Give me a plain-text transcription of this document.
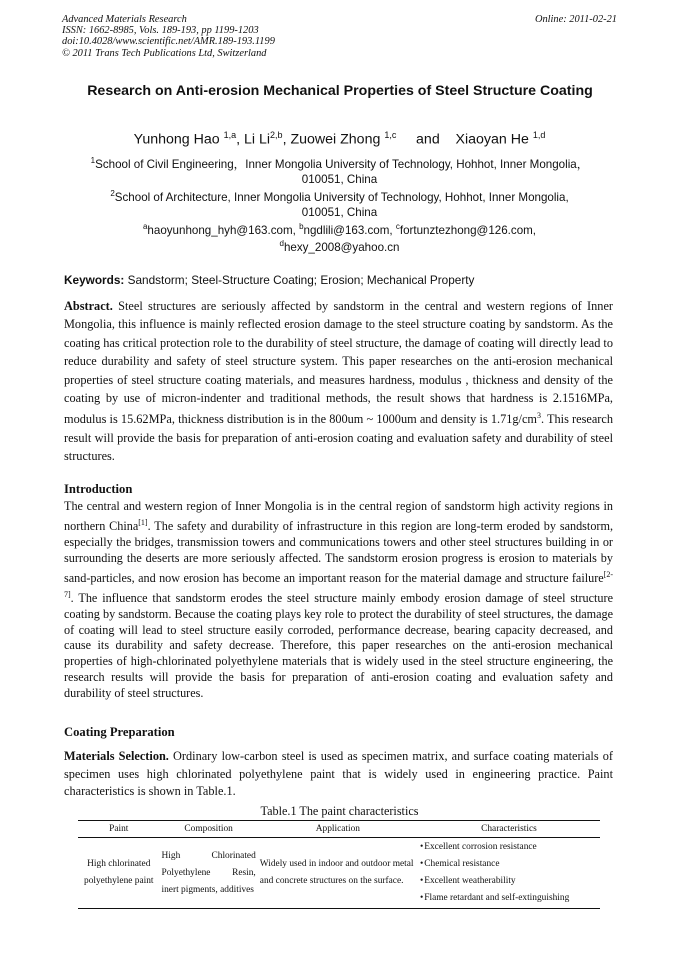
Advanced Materials Research	Online: 2011-02-21
ISSN: 1662-8985, Vols. 189-193, pp 1199-1203
doi:10.4028/www.scientific.net/AMR.189-193.1199
© 2011 Trans Tech Publications Ltd, Switzerland
Research on Anti-erosion Mechanical Properties of Steel Structure Coating
Yunhong Hao $^{1,a}$, Li Li$^{2,b}$, Zuowei Zhong $^{1,c}$ and Xiaoyan He $^{1,d}$
$^1$School of Civil Engineering，Inner Mongolia University of Technology, Hohhot, Inner Mongolia，
010051, China
$^2$School of Architecture, Inner Mongolia University of Technology, Hohhot, Inner Mongolia,
010051, China
$^a$haoyunhong_hyh@163.com, $^b$ngdlili@163.com, $^c$fortunztezhong@126.com,
$^d$hexy_2008@yahoo.cn
Keywords: Sandstorm; Steel-Structure Coating; Erosion; Mechanical Property
Abstract. Steel structures are seriously affected by sandstorm in the central and western regions of Inner Mongolia, this influence is mainly reflected erosion damage to the steel structure coating by sandstorm. As the coating has critical protection role to the durability of steel structure, the damage of coating will directly lead to reduce durability and safety of steel structure system. This paper researches on the anti-erosion mechanical properties of steel structure coating materials, and measures hardness, modulus , thickness and density of the coating by use of micron-indenter and traditional methods, the result shows that hardness is 2.1516MPa, modulus is 15.62MPa, thickness distribution is in the 800um ~ 1000um and density is $1.71g/cm^3$. This research result will provide the basis for preparation of anti-erosion coating and evaluation safety and durability of steel structures.
Introduction
The central and western region of Inner Mongolia is in the central region of sandstorm high activity regions in northern China[1]. The safety and durability of infrastructure in this region are long-term eroded by sandstorm, especially the bridges, transmission towers and communications towers and other steel structures building in or surrounding the deserts are more seriously affected. The sandstorm erosion progress is erosion to materials by sand-particles, and now erosion has become an important reason for the material damage and structure failure[2-7]. The influence that sandstorm erodes the steel structure mainly embody erosion damage of steel structure coating by sandstorm. Because the coating plays key role to protect the durability of steel structures, the damage of coating will lead to steel structure easily corroded, performance decrease, bearing capacity decreased, and cause its durability and safety decrease. Therefore, this paper researches on the anti-erosion mechanical properties of high-chlorinated polyethylene materials that is widely used in the steel structure engineering, the research results will provide the basis for preparation of anti-erosion coating and evaluation safety and durability of steel structures.
Coating Preparation
Materials Selection. Ordinary low-carbon steel is used as specimen matrix, and surface coating materials of specimen uses high chlorinated polyethylene paint that is widely used in engineering practice. Paint characteristics is shown in Table.1.
Table.1 The paint characteristics
Paint	Composition	Application	Characteristics
High chlorinated polyethylene paint	High Chlorinated Polyethylene Resin, inert pigments, additives	Widely used in indoor and outdoor metal and concrete structures on the surface.	• Excellent corrosion resistance
• Chemical resistance
• Excellent weatherability
• Flame retardant and self-extinguishing
